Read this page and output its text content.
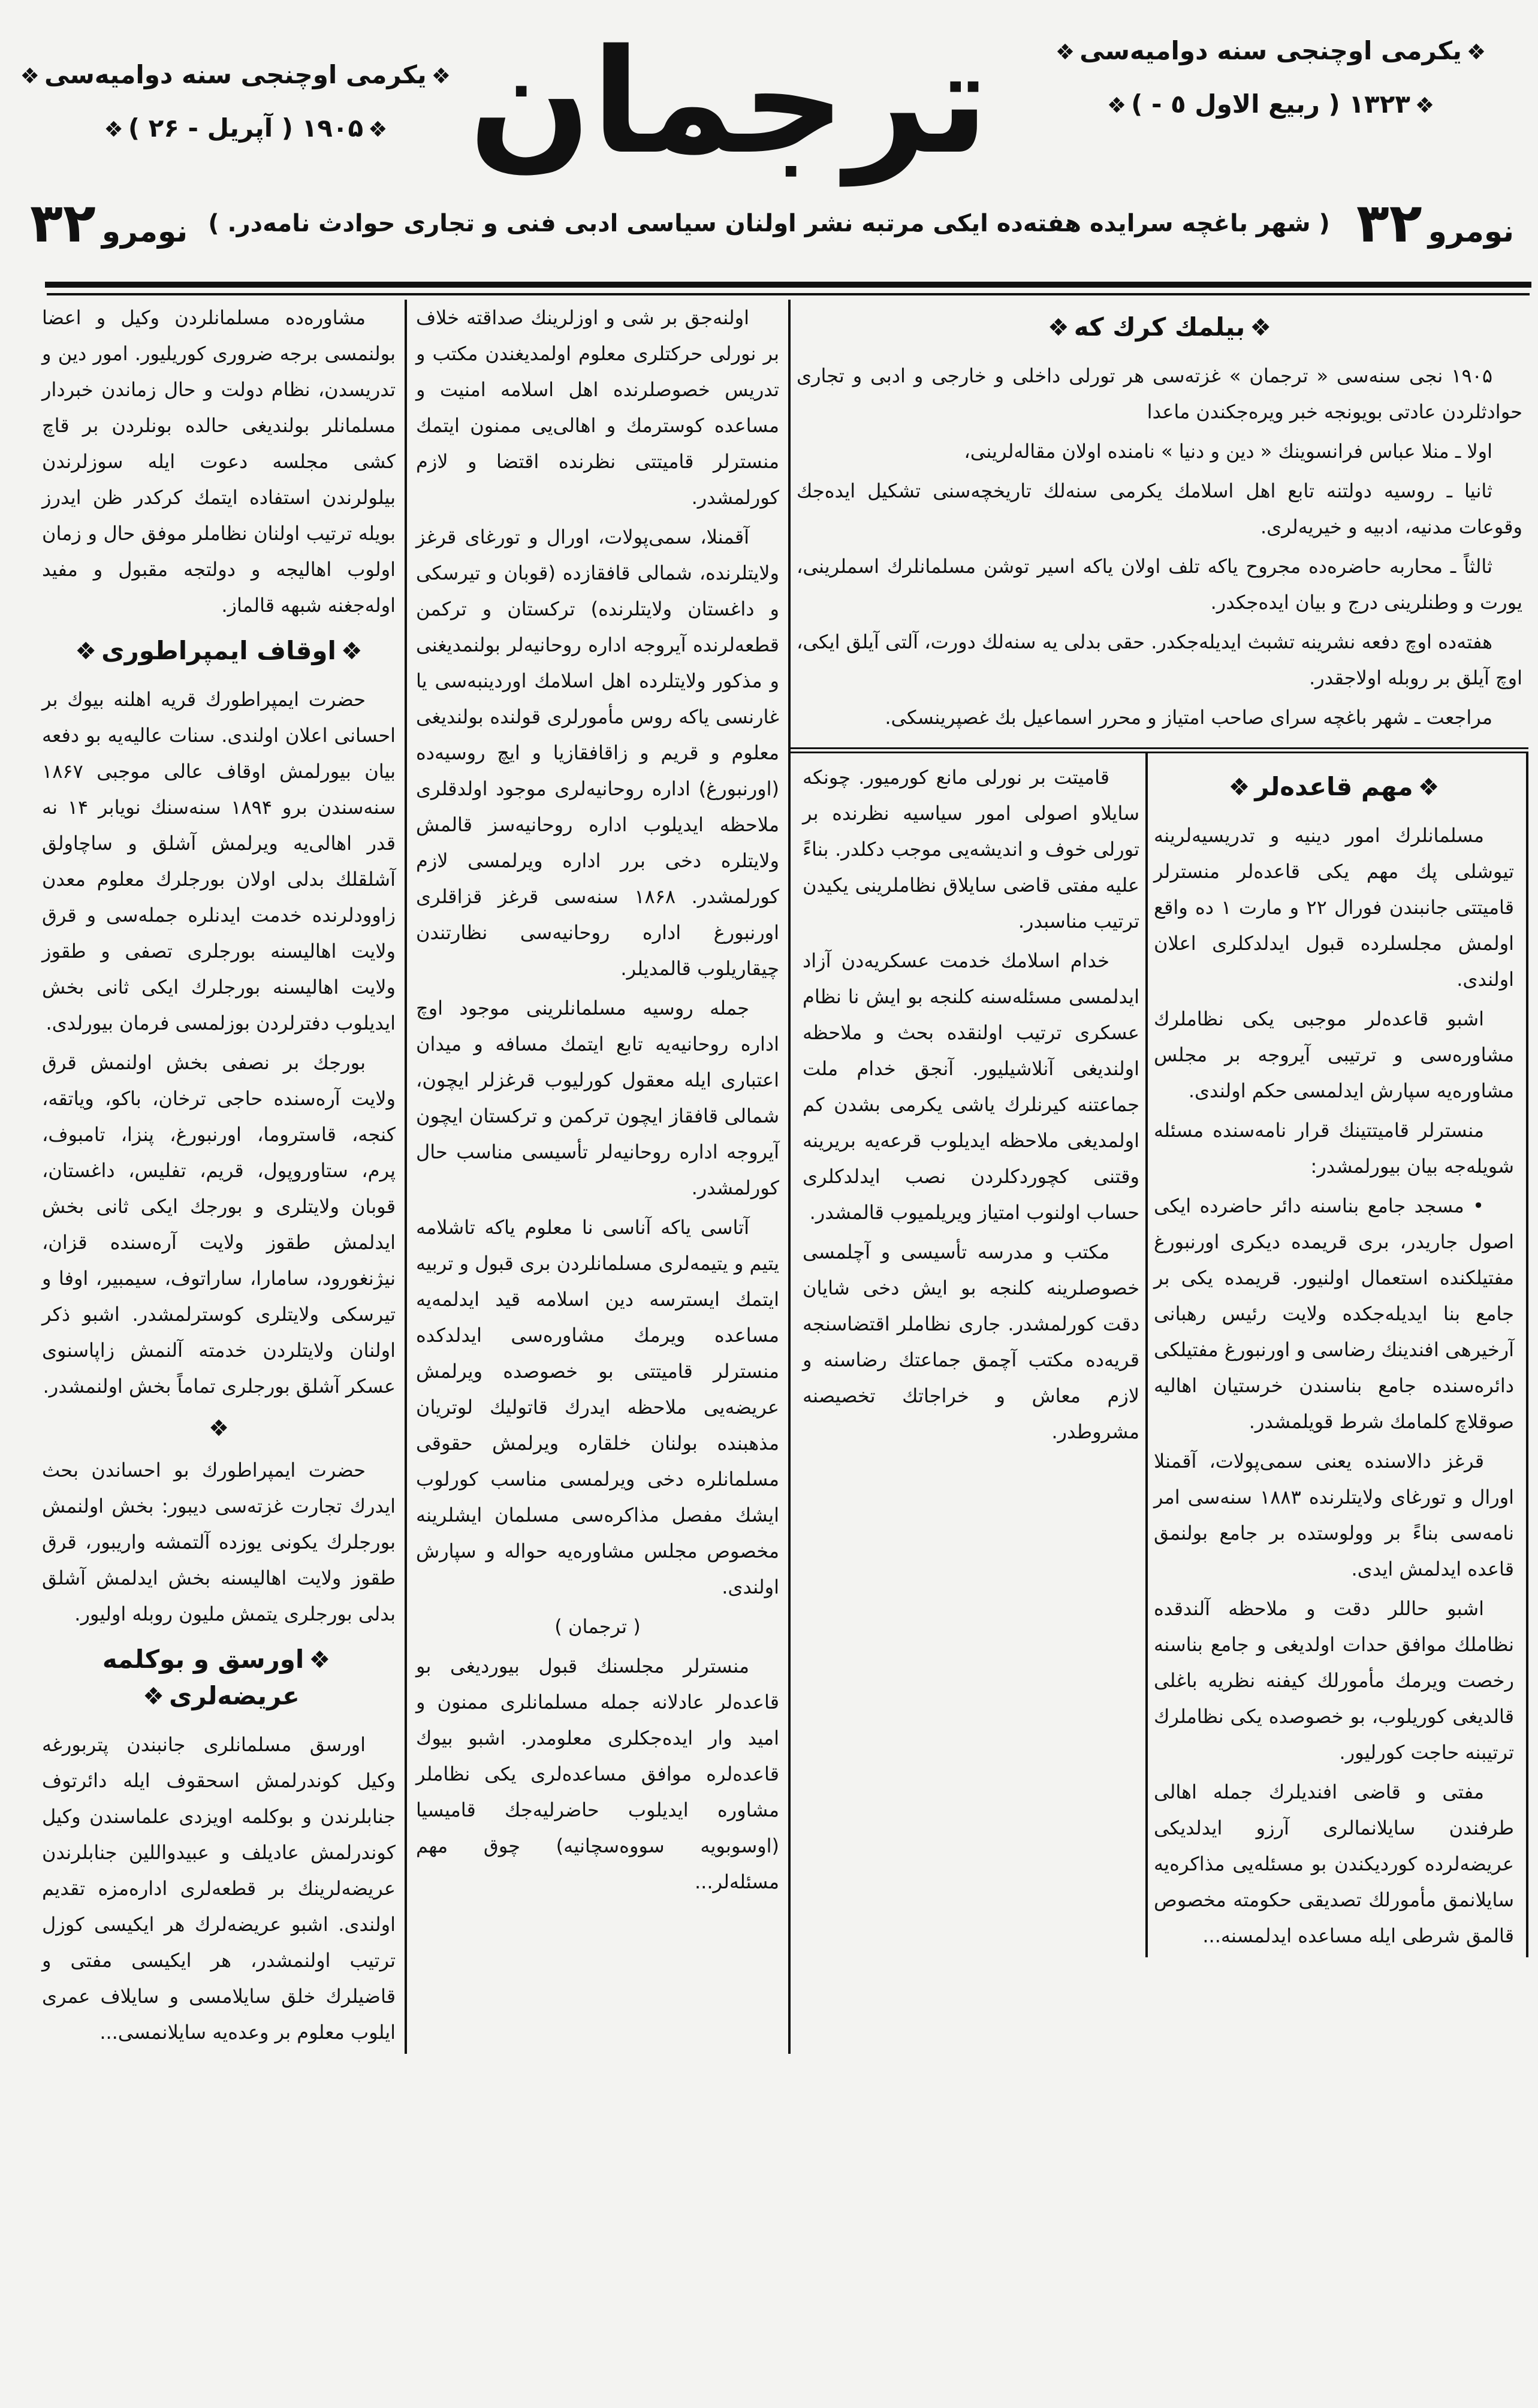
ترجمان
❖یکرمی اوچنجی سنه دوامیه‌سی❖
❖۱۹۰۵ ( آپریل - ۲۶ )❖
❖یکرمی اوچنجی سنه دوامیه‌سی❖
❖۱۳۲۳ ( ربیع الاول ٥ - )❖
نومرو۳۲
( شهر باغچه سرایده هفته‌ده ایکی مرتبه نشر اولنان سیاسی ادبی فنی و تجاری حوادث نامه‌در. )
نومرو۳۲

مشاوره‌ده مسلمانلردن وكیل و اعضا بولنمسی برجه ضروری كوریلیور. امور دین و تدریسدن، نظام دولت و حال زماندن خبردار مسلمانلر بولندیغی حالده بونلردن بر قاچ كشی مجلسه دعوت ایله سوزلرندن بیلولرندن استفاده ایتمك كركدر ظن ایدرز بویله ترتیب اولنان نظاملر موفق حال و زمان اولوب اهالیجه و دولتجه مقبول و مفید اوله‌جغنه شبهه قالماز.

❖اوقاف ایمپراطوری❖

حضرت ایمپراطورك قریه اهلنه بیوك بر احسانی اعلان اولندی. سنات عالیه‌یه بو دفعه بیان بیورلمش اوقاف عالی موجبی ۱۸۶۷ سنه‌سندن برو ۱۸۹۴ سنه‌سنك نویابر ۱۴ نه قدر اهالی‌یه ویرلمش آشلق و ساچاولق آشلقلك بدلی اولان بورجلرك معلوم معدن زاوودلرنده خدمت ایدنلره جمله‌سی و قرق ولایت اهالیسنه بورجلری تصفی و طقوز ولایت اهالیسنه بورجلرك ایكی ثانی بخش ایدیلوب دفترلردن بوزلمسی فرمان بیورلدی.

بورجك بر نصفی بخش اولنمش قرق ولایت آره‌سنده حاجی ترخان، باكو، ویاتقه، كنجه، قاستروما، اورنبورغ، پنزا، تامبوف، پرم، ستاوروپول، قریم، تفلیس، داغستان، قوبان ولایتلری و بورجك ایكی ثانی بخش ایدلمش طقوز ولایت آره‌سنده قزان، نیژنغورود، سامارا، ساراتوف، سیمبیر، اوفا و تیرسكی ولایتلری كوسترلمشدر. اشبو ذكر اولنان ولایتلردن خدمته آلنمش زاپاسنوی عسكر آشلق بورجلری تماماً بخش اولنمشدر.

❖

حضرت ایمپراطورك بو احساندن بحث ایدرك تجارت غزته‌سی دیبور: بخش اولنمش بورجلرك یكونی یوزده آلتمشه واریبور، قرق طقوز ولایت اهالیسنه بخش ایدلمش آشلق بدلی بورجلری یتمش ملیون روبله اولیور.

❖اورسق و بوكلمه عریضه‌لری❖

اورسق مسلمانلری جانبندن پتربورغه وكیل كوندرلمش اسحقوف ایله دائرتوف جنابلرندن و بوكلمه اویزدی علماسندن وكیل كوندرلمش عادیلف و عبیدواللین جنابلرندن عریضه‌لرینك بر قطعه‌لری اداره‌مزه تقدیم اولندی. اشبو عریضه‌لرك هر ایكیسی كوزل ترتیب اولنمشدر، هر ایكیسی مفتی و قاضیلرك خلق سایلامسی و سایلاف عمری ایلوب معلوم بر وعده‌یه سایلانمسی...

اولنه‌جق بر شی و اوزلرینك صداقته خلاف بر نورلی حركتلری معلوم اولمدیغندن مكتب و تدریس خصوصلرنده اهل اسلامه امنیت و مساعده كوسترمك و اهالی‌یی ممنون ایتمك منسترلر قامیتتی نظرنده اقتضا و لازم كورلمشدر.

آقمنلا، سمی‌پولات، اورال و تورغای قرغز ولایتلرنده، شمالی قافقازده (قوبان و تیرسكی و داغستان ولایتلرنده) تركستان و تركمن قطعه‌لرنده آیروجه اداره روحانیه‌لر بولنمدیغنی و مذكور ولایتلرده اهل اسلامك اوردینبه‌سی یا غارنسی یاكه روس مأمورلری قولنده بولندیغی معلوم و قریم و زاقافقازیا و ایچ روسیه‌ده (اورنبورغ) اداره روحانیه‌لری موجود اولدقلری ملاحظه ایدیلوب اداره روحانیه‌سز قالمش ولایتلره دخی برر اداره ویرلمسی لازم كورلمشدر. ۱۸۶۸ سنه‌سی قرغز قزاقلری اورنبورغ اداره روحانیه‌سی نظارتندن چیقاریلوب قالمدیلر.

جمله روسیه مسلمانلرینی موجود اوچ اداره روحانیه‌یه تابع ایتمك مسافه و میدان اعتباری ایله معقول كورلیوب قرغزلر ایچون، شمالی قافقاز ایچون تركمن و تركستان ایچون آیروجه اداره روحانیه‌لر تأسیسی مناسب حال كورلمشدر.

آتاسی یاكه آناسی نا معلوم یاكه تاشلامه یتیم و یتیمه‌لری مسلمانلردن بری قبول و تربیه ایتمك ایسترسه دین اسلامه قید ایدلمه‌یه مساعده ویرمك مشاوره‌سی ایدلدكده منسترلر قامیتتی بو خصوصده ویرلمش عریضه‌یی ملاحظه ایدرك قاتولیك لوتریان مذهبنده بولنان خلقاره ویرلمش حقوقی مسلمانلره دخی ویرلمسی مناسب كورلوب ایشك مفصل مذاكره‌سی مسلمان ایشلرینه مخصوص مجلس مشاوره‌یه حواله و سپارش اولندی.

( ترجمان )

منسترلر مجلسنك قبول بیوردیغی بو قاعده‌لر عادلانه جمله مسلمانلری ممنون و امید وار ایده‌جكلری معلومدر. اشبو بیوك قاعده‌لره موافق مساعده‌لری یكی نظاملر مشاوره ایدیلوب حاضرلیه‌جك قامیسیا (اوسوبویه سووه‌سچانیه) چوق مهم مسئله‌لر...

❖بیلمك كرك كه❖

۱۹۰۵ نجی سنه‌سی « ترجمان » غزته‌سی هر تورلی داخلی و خارجی و ادبی و تجاری حوادثلردن عادتی بویونجه خبر ویره‌جکندن ماعدا

اولا ـ منلا عباس فرانسوینك « دین و دنیا » نامنده اولان مقاله‌لرینی،

ثانیا ـ روسیه دولتنه تابع اهل اسلامك یكرمی سنه‌لك تاریخچه‌سنی تشكیل ایده‌جك وقوعات مدنیه، ادبیه و خیریه‌لری.

ثالثاً ـ محاربه حاضره‌ده مجروح یاكه تلف اولان یاكه اسیر توشن مسلمانلرك اسملرینی، یورت و وطنلرینی درج و بیان ایده‌جكدر.

هفته‌ده اوچ دفعه نشرینه تشبث ایدیله‌جكدر. حقی بدلی یه سنه‌لك دورت، آلتی آیلق ایكی، اوچ آیلق بر روبله اولاجقدر.

مراجعت ـ شهر باغچه سرای صاحب امتیاز و محرر اسماعیل بك غصپرینسكی.

❖مهم قاعده‌لر❖

مسلمانلرك امور دینیه و تدریسیه‌لرینه تیوشلی پك مهم یكی قاعده‌لر منسترلر قامیتتی جانبندن فورال ۲۲ و مارت ۱ ده واقع اولمش مجلسلرده قبول ایدلدكلری اعلان اولندی.

اشبو قاعده‌لر موجبی یكی نظاملرك مشاوره‌سی و ترتیبی آیروجه بر مجلس مشاوره‌یه سپارش ایدلمسی حكم اولندی.

منسترلر قامیتتینك قرار نامه‌سنده مسئله شویله‌جه بیان بیورلمشدر:

• مسجد جامع بناسنه دائر حاضرده ایكی اصول جاریدر، بری قریمده دیكری اورنبورغ مفتیلكنده استعمال اولنیور. قریمده یكی بر جامع بنا ایدیله‌جكده ولایت رئیس رهبانی آرخیرهی افندینك رضاسی و اورنبورغ مفتیلكی دائره‌سنده جامع بناسندن خرستیان اهالیه صوقلاچ كلمامك شرط قویلمشدر.

قرغز دالاسنده یعنی سمی‌پولات، آقمنلا اورال و تورغای ولایتلرنده ۱۸۸۳ سنه‌سی امر نامه‌سی بناءً بر وولوستده بر جامع بولنمق قاعده ایدلمش ایدی.

اشبو حاللر دقت و ملاحظه آلندقده نظاملك موافق حدات اولدیغی و جامع بناسنه رخصت ویرمك مأمورلك كیفنه نظریه باغلی قالدیغی كوریلوب، بو خصوصده یكی نظاملرك ترتیبنه حاجت كورلیور.

مفتی و قاضی افندیلرك جمله اهالی طرفندن سایلانمالری آرزو ایدلدیكی عریضه‌لرده كوردیكندن بو مسئله‌یی مذاكره‌یه سایلانمق مأمورلك تصدیقی حكومته مخصوص قالمق شرطی ایله مساعده ایدلمسنه...

قامیتت بر نورلی مانع كورمیور. چونكه سایلاو اصولی امور سیاسیه نظرنده بر تورلی خوف و اندیشه‌یی موجب دكلدر. بناءً علیه مفتی قاضی سایلاق نظاملرینی یكیدن ترتیب مناسبدر.

خدام اسلامك خدمت عسكریه‌دن آزاد ایدلمسی مسئله‌سنه كلنجه بو ایش نا نظام عسكری ترتیب اولنقده بحث و ملاحظه اولندیغی آنلاشیلیور. آنجق خدام ملت جماعتنه كیرنلرك یاشی یكرمی بشدن كم اولمدیغی ملاحظه ایدیلوب قرعه‌یه بریرینه وقتنی كچوردكلردن نصب ایدلدكلری حساب اولنوب امتیاز ویریلمیوب قالمشدر.

مكتب و مدرسه تأسیسی و آچلمسی خصوصلرینه كلنجه بو ایش دخی شایان دقت كورلمشدر. جاری نظاملر اقتضاسنجه قریه‌ده مكتب آچمق جماعتك رضاسنه و لازم معاش و خراجاتك تخصیصنه مشروطدر.
